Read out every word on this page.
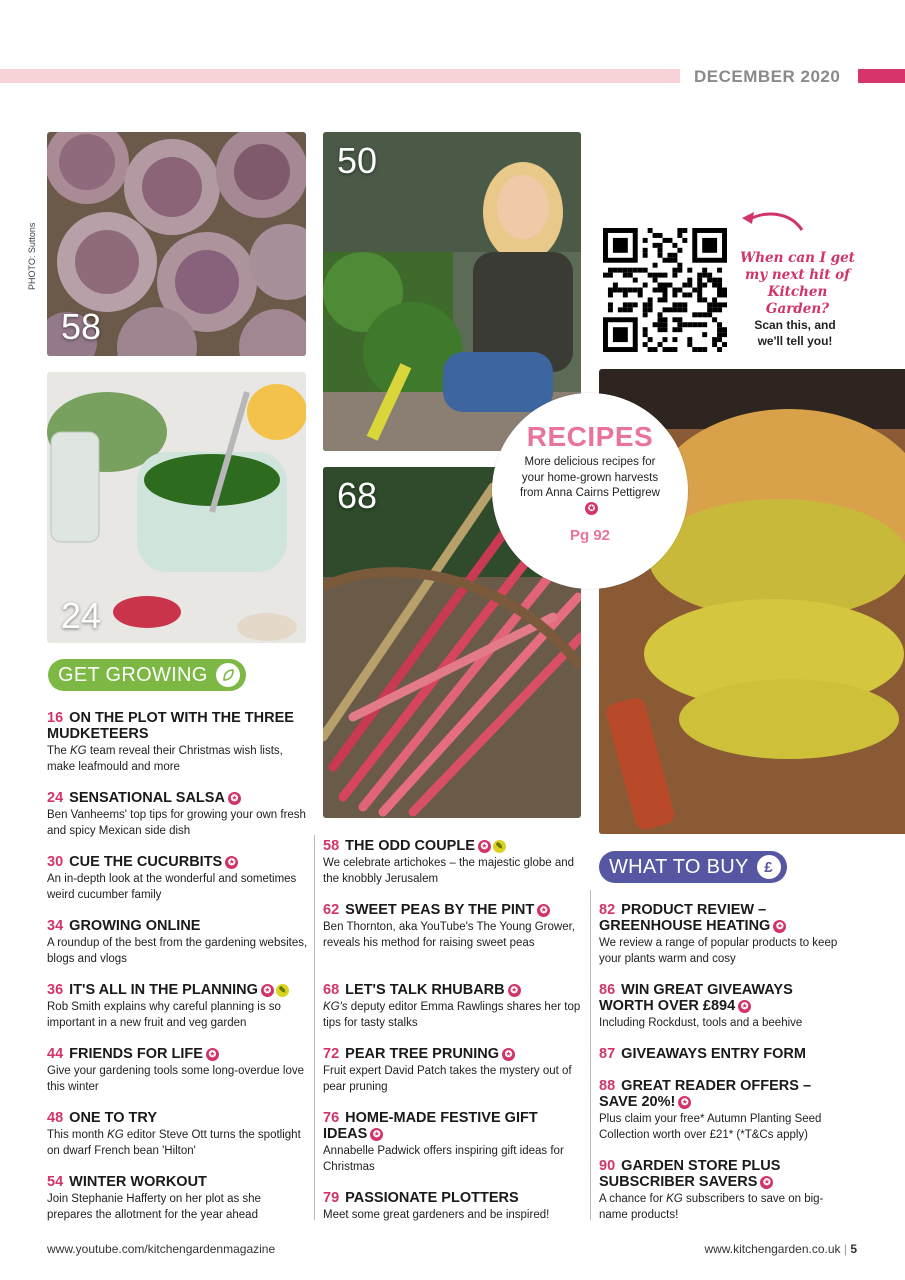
DECEMBER 2020
PHOTO: Suttons
58
24
50
68
RECIPES
More delicious recipes for your home-grown harvests from Anna Cairns Pettigrew✪
Pg 92
When can I get my next hit of Kitchen Garden?
Scan this, and we'll tell you!
GET GROWING
WHAT TO BUY	£
16 ON THE PLOT WITH THE THREE MUDKETEERS
The KG team reveal their Christmas wish lists, make leafmould and more
24 SENSATIONAL SALSA ✪
Ben Vanheems' top tips for growing your own fresh and spicy Mexican side dish
30 CUE THE CUCURBITS ✪
An in-depth look at the wonderful and sometimes weird cucumber family
34 GROWING ONLINE
A roundup of the best from the gardening websites, blogs and vlogs
36 IT'S ALL IN THE PLANNING ✪ ✎
Rob Smith explains why careful planning is so important in a new fruit and veg garden
44 FRIENDS FOR LIFE ✪
Give your gardening tools some long-overdue love this winter
48 ONE TO TRY
This month KG editor Steve Ott turns the spotlight on dwarf French bean 'Hilton'
54 WINTER WORKOUT
Join Stephanie Hafferty on her plot as she prepares the allotment for the year ahead
58 THE ODD COUPLE ✪ ✎
We celebrate artichokes – the majestic globe and the knobbly Jerusalem
62 SWEET PEAS BY THE PINT ✪
Ben Thornton, aka YouTube's The Young Grower, reveals his method for raising sweet peas
68 LET'S TALK RHUBARB ✪
KG's deputy editor Emma Rawlings shares her top tips for tasty stalks
72 PEAR TREE PRUNING ✪
Fruit expert David Patch takes the mystery out of pear pruning
76 HOME-MADE FESTIVE GIFT IDEAS ✪
Annabelle Padwick offers inspiring gift ideas for Christmas
79 PASSIONATE PLOTTERS
Meet some great gardeners and be inspired!
82 PRODUCT REVIEW – GREENHOUSE HEATING ✪
We review a range of popular products to keep your plants warm and cosy
86 WIN GREAT GIVEAWAYS WORTH OVER £894 ✪
Including Rockdust, tools and a beehive
87 GIVEAWAYS ENTRY FORM
88 GREAT READER OFFERS – SAVE 20%! ✪
Plus claim your free* Autumn Planting Seed Collection worth over £21* (*T&Cs apply)
90 GARDEN STORE PLUS SUBSCRIBER SAVERS ✪
A chance for KG subscribers to save on big-name products!
www.youtube.com/kitchengardenmagazine	www.kitchengarden.co.uk | 5
